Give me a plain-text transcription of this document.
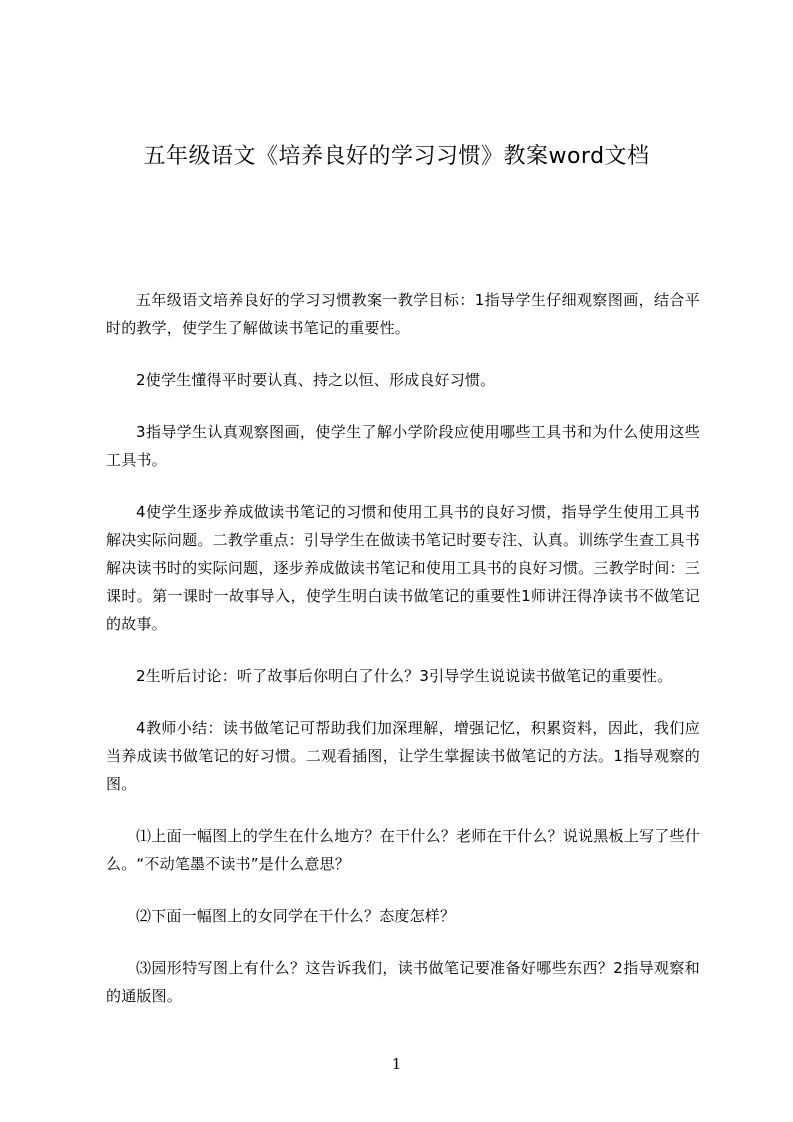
五年级语文《培养良好的学习习惯》教案word文档

五年级语文培养良好的学习习惯教案一教学目标：1指导学生仔细观察图画，结合平时的教学，使学生了解做读书笔记的重要性。

2使学生懂得平时要认真、持之以恒、形成良好习惯。

3指导学生认真观察图画，使学生了解小学阶段应使用哪些工具书和为什么使用这些工具书。

4使学生逐步养成做读书笔记的习惯和使用工具书的良好习惯，指导学生使用工具书解决实际问题。二教学重点：引导学生在做读书笔记时要专注、认真。训练学生查工具书解决读书时的实际问题，逐步养成做读书笔记和使用工具书的良好习惯。三教学时间：三课时。第一课时一故事导入，使学生明白读书做笔记的重要性1师讲汪得净读书不做笔记的故事。

2生听后讨论：听了故事后你明白了什么？3引导学生说说读书做笔记的重要性。

4教师小结：读书做笔记可帮助我们加深理解，增强记忆，积累资料，因此，我们应当养成读书做笔记的好习惯。二观看插图，让学生掌握读书做笔记的方法。1指导观察的图。

⑴上面一幅图上的学生在什么地方？在干什么？老师在干什么？说说黑板上写了些什么。“不动笔墨不读书”是什么意思？

⑵下面一幅图上的女同学在干什么？态度怎样？

⑶园形特写图上有什么？这告诉我们，读书做笔记要准备好哪些东西？2指导观察和的通版图。

1
